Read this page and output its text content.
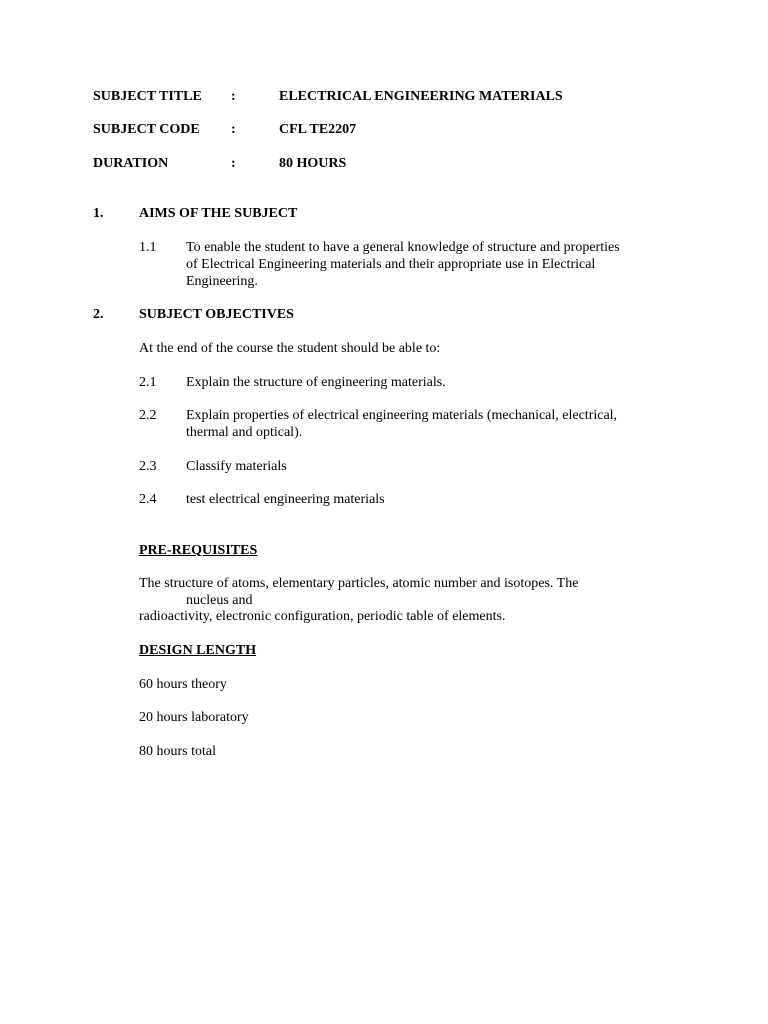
SUBJECT TITLE :	ELECTRICAL ENGINEERING MATERIALS
SUBJECT CODE :	CFL TE2207
DURATION	:	80 HOURS
1.	AIMS OF THE SUBJECT
1.1 To enable the student to have a general knowledge of structure and properties
of Electrical Engineering materials and their appropriate use in Electrical
Engineering.
2.	SUBJECT OBJECTIVES
At the end of the course the student should be able to:
2.1 Explain the structure of engineering materials.
2.2 Explain properties of electrical engineering materials (mechanical, electrical,
thermal and optical).
2.3 Classify materials
2.4 test electrical engineering materials
PRE-REQUISITES
The structure of atoms, elementary particles, atomic number and isotopes. The
nucleus and
radioactivity, electronic configuration, periodic table of elements.
DESIGN LENGTH
60 hours theory
20 hours laboratory
80 hours total
